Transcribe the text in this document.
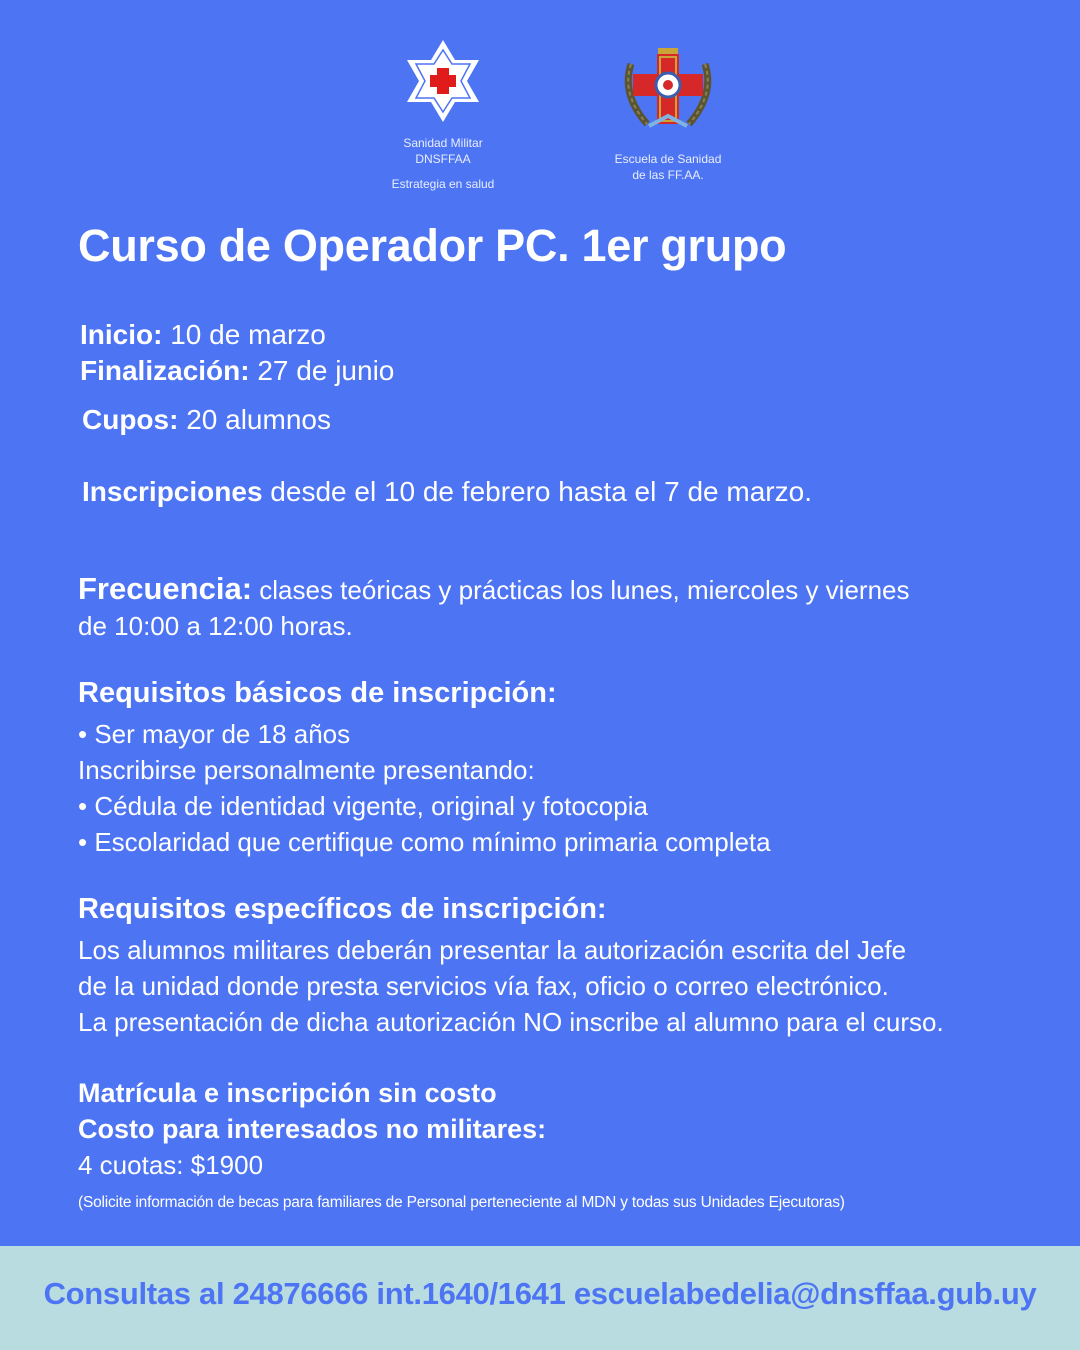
Sanidad Militar
DNSFFAA
Estrategia en salud
Escuela de Sanidad
de las FF.AA.
Curso de Operador PC. 1er grupo
Inicio: 10 de marzo
Finalización: 27 de junio
Cupos: 20 alumnos
Inscripciones desde el 10 de febrero hasta el 7 de marzo.
Frecuencia: clases teóricas y prácticas los lunes, miercoles y viernes
de 10:00 a 12:00 horas.
Requisitos básicos de inscripción:
• Ser mayor de 18 años
Inscribirse personalmente presentando:
• Cédula de identidad vigente, original y fotocopia
• Escolaridad que certifique como mínimo primaria completa
Requisitos específicos de inscripción:
Los alumnos militares deberán presentar la autorización escrita del Jefe
de la unidad donde presta servicios vía fax, oficio o correo electrónico.
La presentación de dicha autorización NO inscribe al alumno para el curso.
Matrícula e inscripción sin costo
Costo para interesados no militares:
4 cuotas: $1900
(Solicite información de becas para familiares de Personal perteneciente al MDN y todas sus Unidades Ejecutoras)
Consultas al 24876666 int.1640/1641 escuelabedelia@dnsffaa.gub.uy
